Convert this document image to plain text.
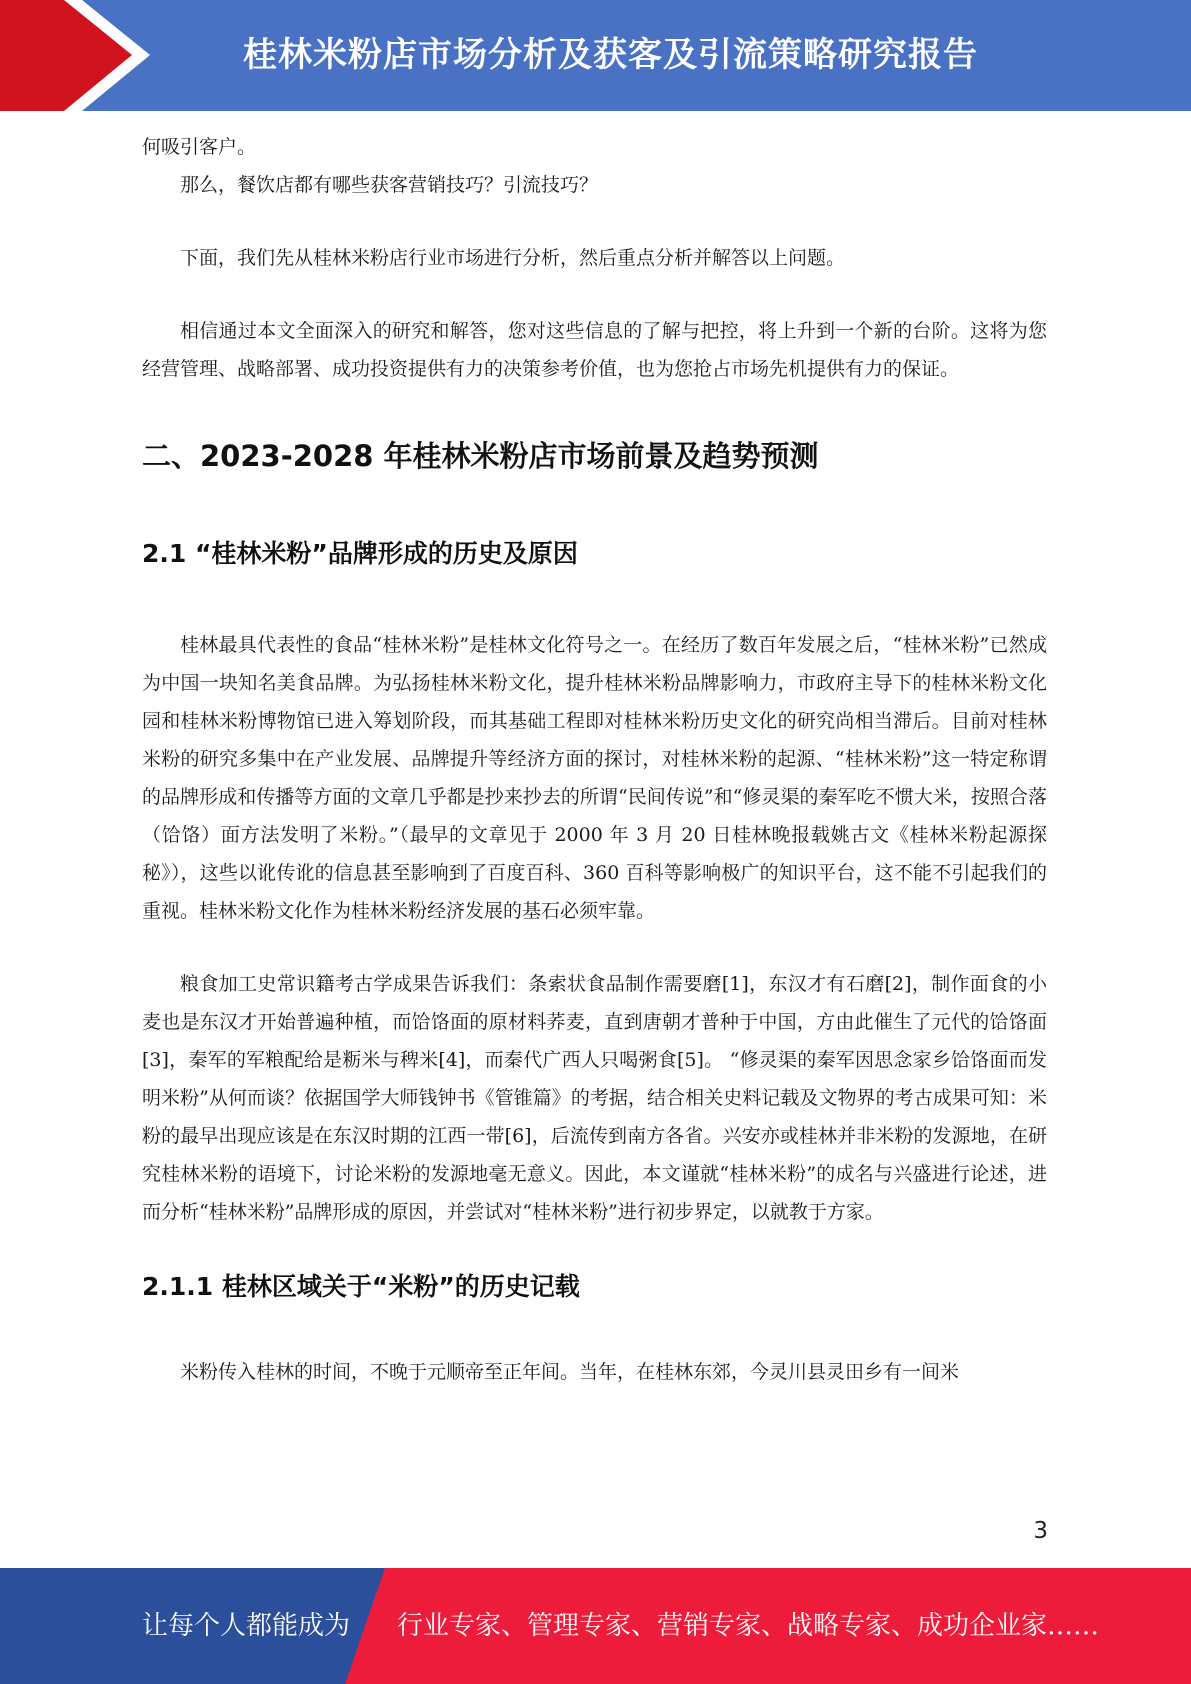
桂林米粉店市场分析及获客及引流策略研究报告

何吸引客户。

那么，餐饮店都有哪些获客营销技巧？引流技巧？

下面，我们先从桂林米粉店行业市场进行分析，然后重点分析并解答以上问题。

相信通过本文全面深入的研究和解答，您对这些信息的了解与把控，将上升到一个新的台阶。这将为您经营管理、战略部署、成功投资提供有力的决策参考价值，也为您抢占市场先机提供有力的保证。

二、2023-2028 年桂林米粉店市场前景及趋势预测
2.1 “桂林米粉”品牌形成的历史及原因

桂林最具代表性的食品“桂林米粉”是桂林文化符号之一。在经历了数百年发展之后，“桂林米粉”已然成为中国一块知名美食品牌。为弘扬桂林米粉文化，提升桂林米粉品牌影响力，市政府主导下的桂林米粉文化园和桂林米粉博物馆已进入筹划阶段，而其基础工程即对桂林米粉历史文化的研究尚相当滞后。目前对桂林米粉的研究多集中在产业发展、品牌提升等经济方面的探讨，对桂林米粉的起源、“桂林米粉”这一特定称谓的品牌形成和传播等方面的文章几乎都是抄来抄去的所谓“民间传说”和“修灵渠的秦军吃不惯大米，按照合落（饸饹）面方法发明了米粉。”（最早的文章见于 2000 年 3 月 20 日桂林晚报载姚古文《桂林米粉起源探秘》），这些以讹传讹的信息甚至影响到了百度百科、360 百科等影响极广的知识平台，这不能不引起我们的重视。桂林米粉文化作为桂林米粉经济发展的基石必须牢靠。

粮食加工史常识籍考古学成果告诉我们：条索状食品制作需要磨[1]，东汉才有石磨[2]，制作面食的小麦也是东汉才开始普遍种植，而饸饹面的原材料荞麦，直到唐朝才普种于中国，方由此催生了元代的饸饹面[3]，秦军的军粮配给是粝米与稗米[4]，而秦代广西人只喝粥食[5]。 “修灵渠的秦军因思念家乡饸饹面而发明米粉”从何而谈？依据国学大师钱钟书《管锥篇》的考据，结合相关史料记载及文物界的考古成果可知：米粉的最早出现应该是在东汉时期的江西一带[6]，后流传到南方各省。兴安亦或桂林并非米粉的发源地，在研究桂林米粉的语境下，讨论米粉的发源地毫无意义。因此，本文谨就“桂林米粉”的成名与兴盛进行论述，进而分析“桂林米粉”品牌形成的原因，并尝试对“桂林米粉”进行初步界定，以就教于方家。

2.1.1 桂林区域关于“米粉”的历史记载

米粉传入桂林的时间，不晚于元顺帝至正年间。当年，在桂林东郊，今灵川县灵田乡有一间米

3
让每个人都能成为 行业专家、管理专家、营销专家、战略专家、成功企业家……
